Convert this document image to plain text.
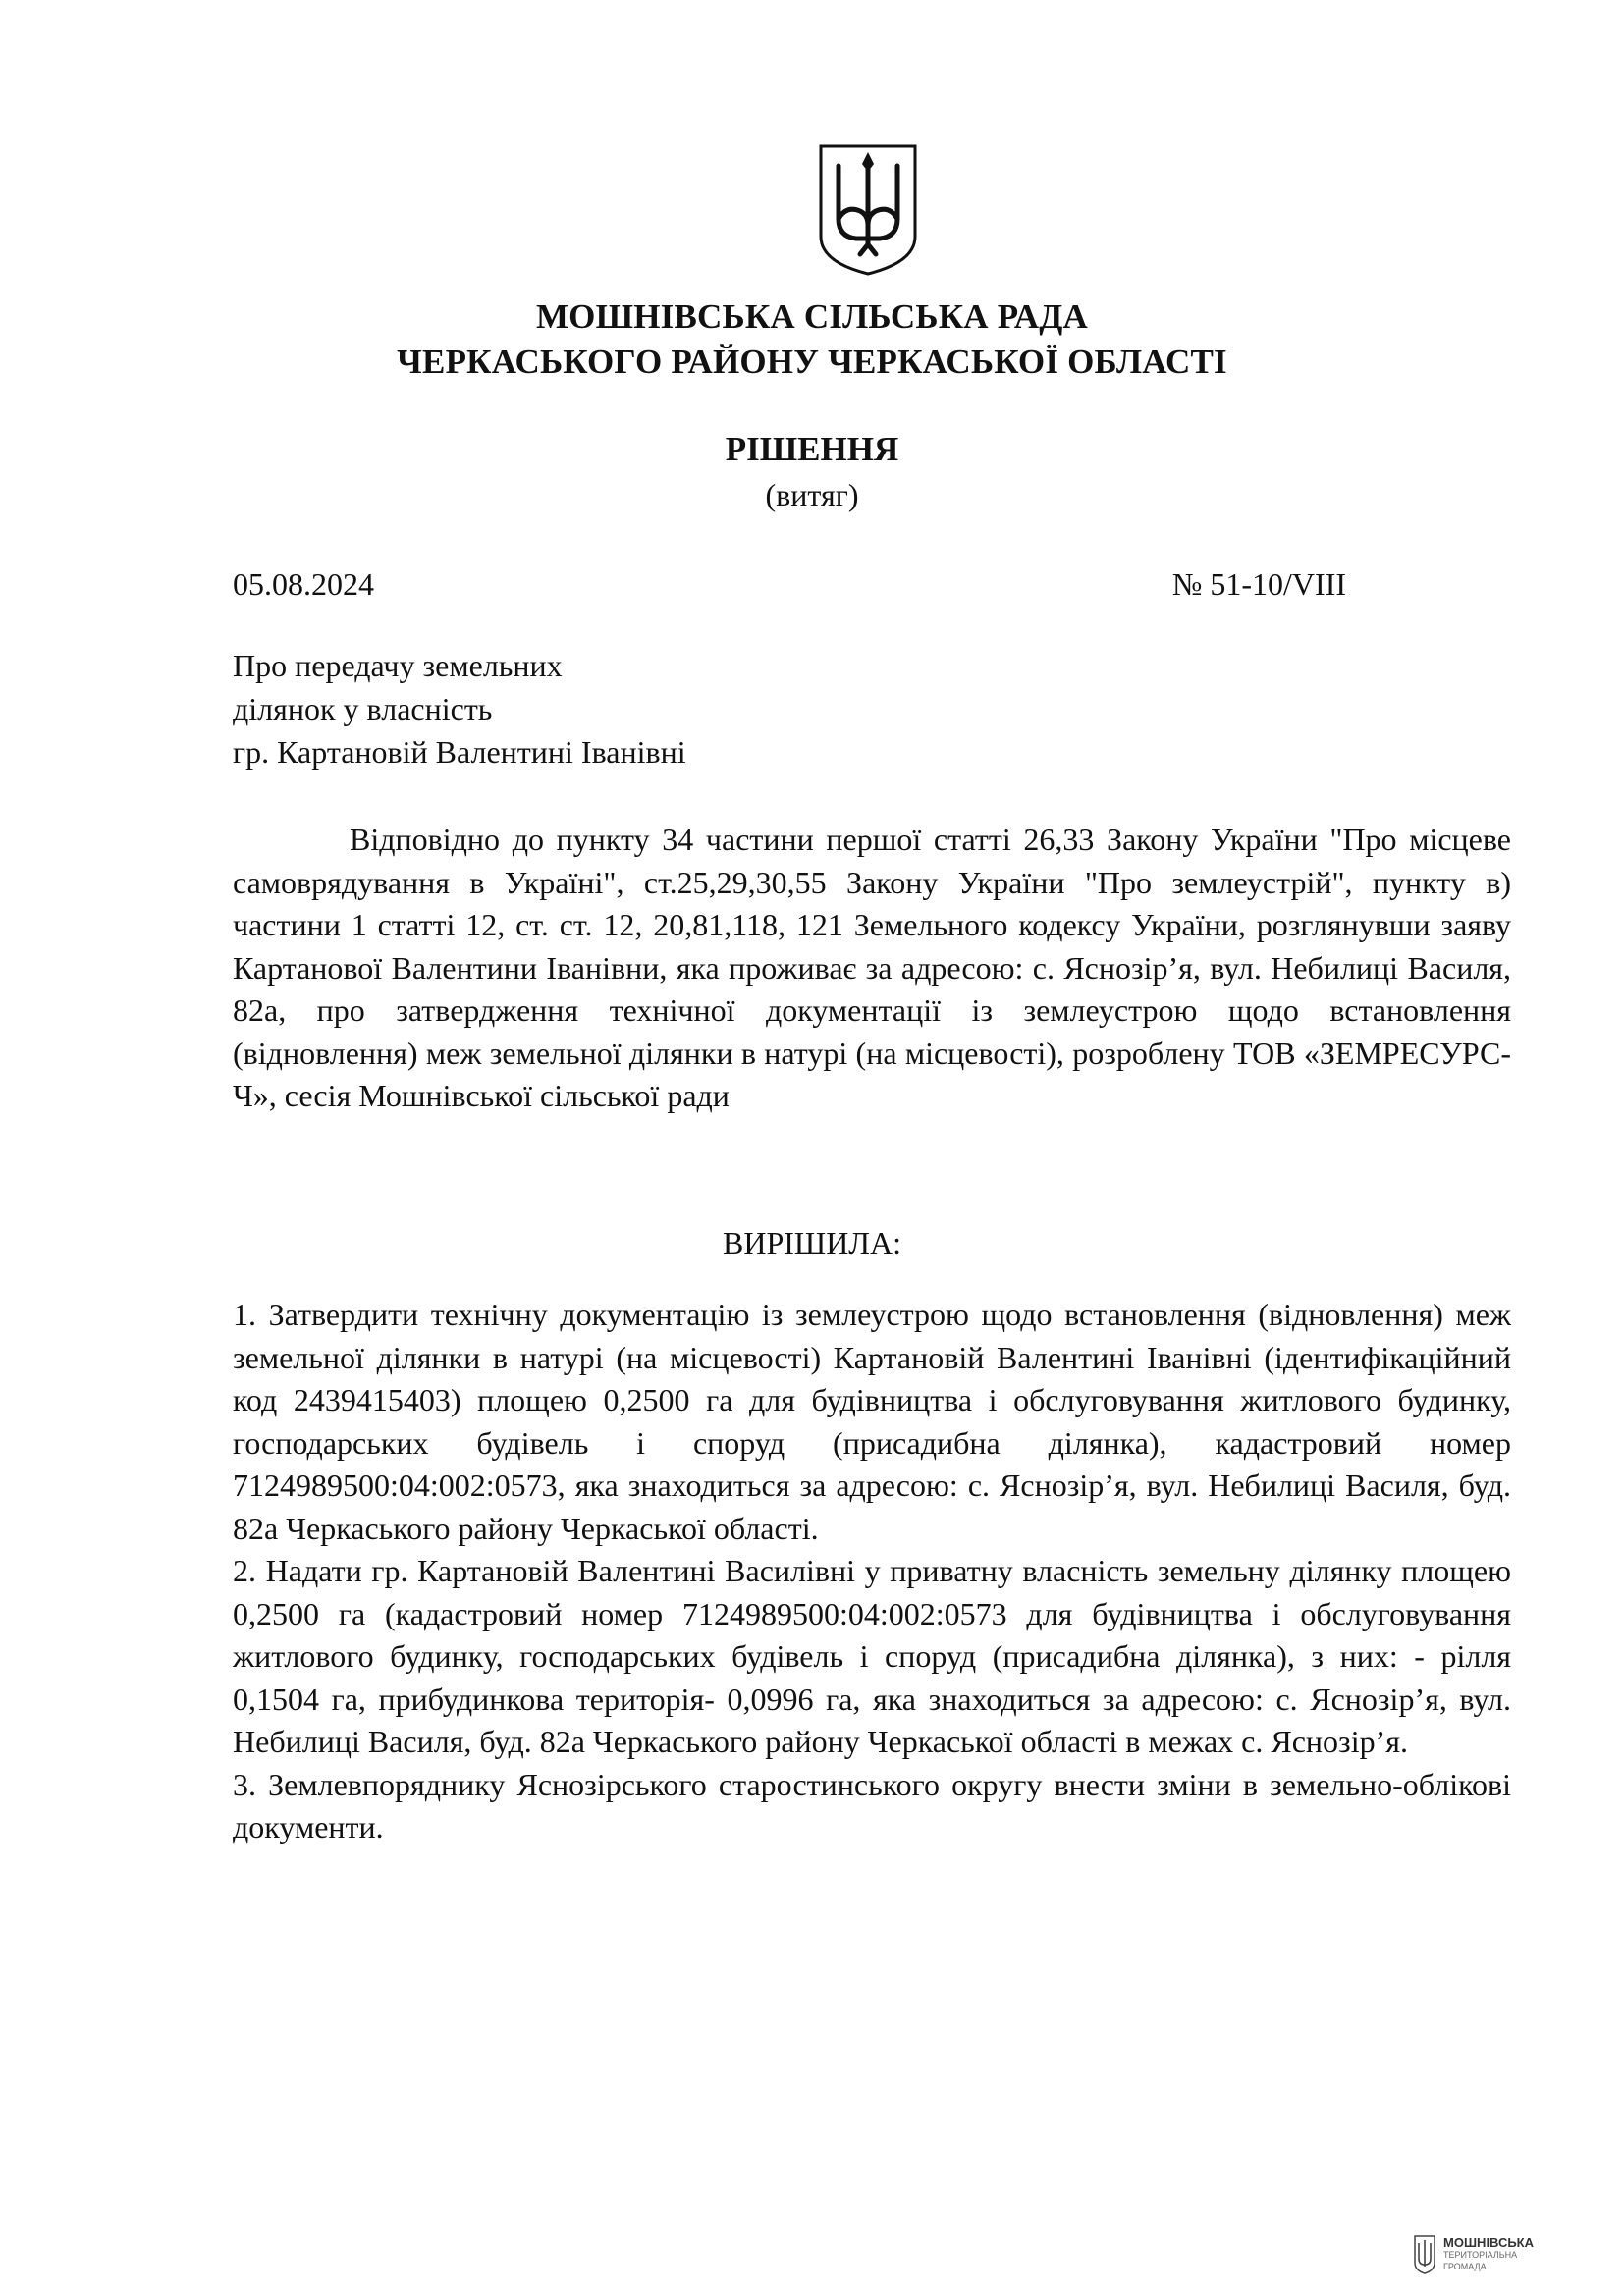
МОШНІВСЬКА СІЛЬСЬКА РАДА
ЧЕРКАСЬКОГО РАЙОНУ ЧЕРКАСЬКОЇ ОБЛАСТІ
РІШЕННЯ
(витяг)
05.08.2024	№ 51-10/VIII
Про передачу земельних
ділянок у власність
гр. Картановій Валентині Іванівні

Відповідно до пункту 34 частини першої статті 26,33 Закону України "Про місцеве самоврядування в Україні", ст.25,29,30,55 Закону України "Про землеустрій", пункту в) частини 1 статті 12, ст. ст. 12, 20,81,118, 121 Земельного кодексу України, розглянувши заяву Картанової Валентини Іванівни, яка проживає за адресою: с. Яснозір’я, вул. Небилиці Василя, 82а, про затвердження технічної документації із землеустрою щодо встановлення (відновлення) меж земельної ділянки в натурі (на місцевості), розроблену ТОВ «ЗЕМРЕСУРС-Ч», сесія Мошнівської сільської ради

ВИРІШИЛА:

1. Затвердити технічну документацію із землеустрою щодо встановлення (відновлення) меж земельної ділянки в натурі (на місцевості) Картановій Валентині Іванівні (ідентифікаційний код 2439415403) площею 0,2500 га для будівництва і обслуговування житлового будинку, господарських будівель і споруд (присадибна ділянка), кадастровий номер 7124989500:04:002:0573, яка знаходиться за адресою: с. Яснозір’я, вул. Небилиці Василя, буд. 82а Черкаського району Черкаської області.

2. Надати гр. Картановій Валентині Василівні у приватну власність земельну ділянку площею 0,2500 га (кадастровий номер 7124989500:04:002:0573 для будівництва і обслуговування житлового будинку, господарських будівель і споруд (присадибна ділянка), з них: - рілля 0,1504 га, прибудинкова територія- 0,0996 га, яка знаходиться за адресою: с. Яснозір’я, вул. Небилиці Василя, буд. 82а Черкаського району Черкаської області в межах с. Яснозір’я.

3. Землевпоряднику Яснозірського старостинського округу внести зміни в земельно-облікові документи.

МОШНІВСЬКА
ТЕРИТОРІАЛЬНА
ГРОМАДА
